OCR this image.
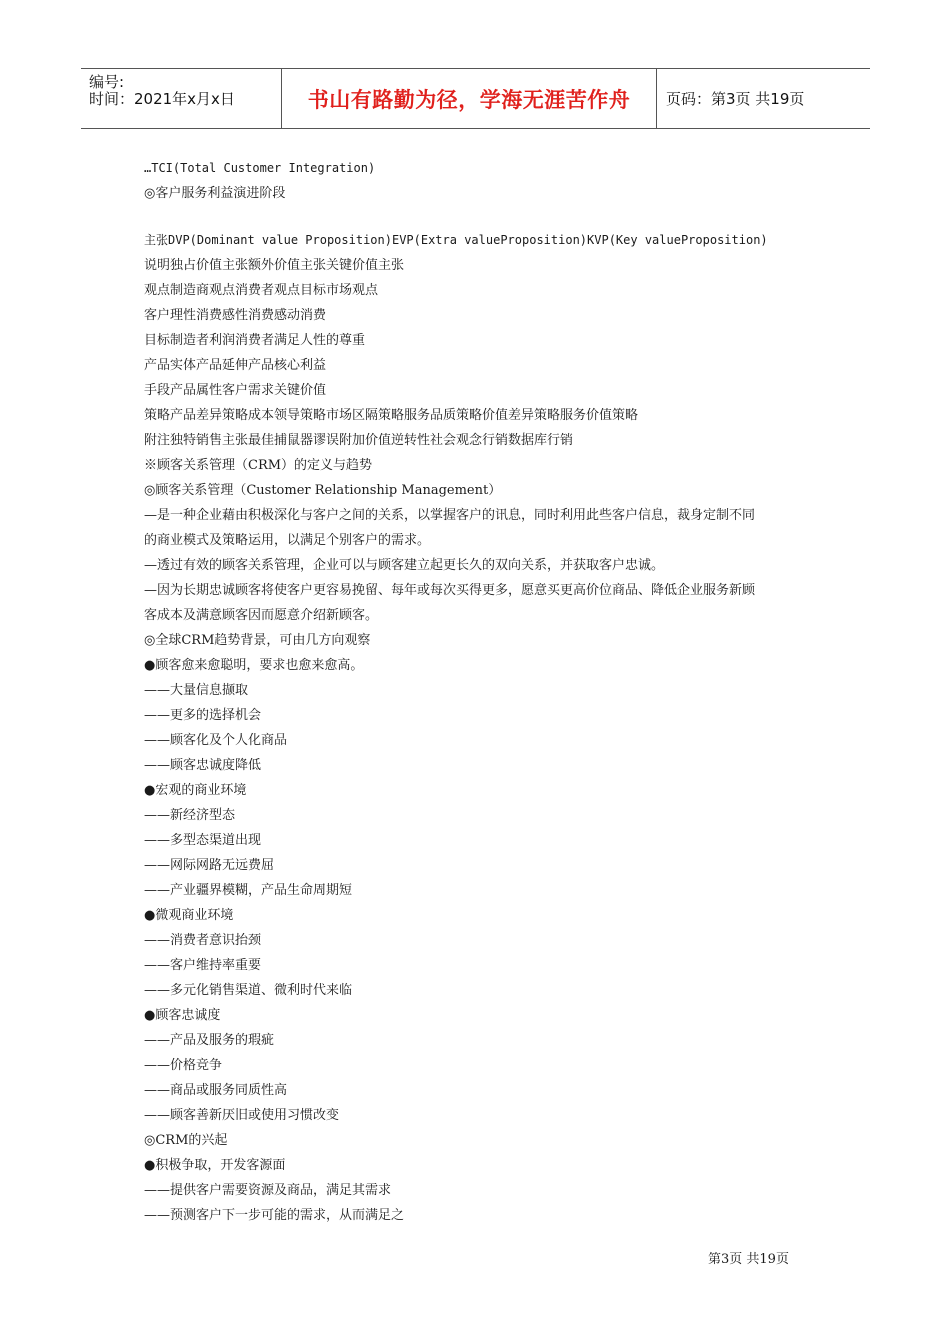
编号:
时间：2021年x月x日	书山有路勤为径，学海无涯苦作舟 页码：第3页 共19页
…TCI(Total Customer Integration)
◎客户服务利益演进阶段
主张DVP(Dominant value Proposition)EVP(Extra valueProposition)KVP(Key valueProposition)
说明独占价值主张额外价值主张关键价值主张
观点制造商观点消费者观点目标市场观点
客户理性消费感性消费感动消费
目标制造者利润消费者满足人性的尊重
产品实体产品延伸产品核心利益
手段产品属性客户需求关键价值
策略产品差异策略成本领导策略市场区隔策略服务品质策略价值差异策略服务价值策略
附注独特销售主张最佳捕鼠器谬误附加价值逆转性社会观念行销数据库行销
※顾客关系管理（CRM）的定义与趋势
◎顾客关系管理（Customer Relationship Management）
—是一种企业藉由积极深化与客户之间的关系，以掌握客户的讯息，同时利用此些客户信息，裁身定制不同
的商业模式及策略运用，以满足个别客户的需求。
—透过有效的顾客关系管理，企业可以与顾客建立起更长久的双向关系，并获取客户忠诚。
—因为长期忠诚顾客将使客户更容易挽留、每年或每次买得更多，愿意买更高价位商品、降低企业服务新顾
客成本及满意顾客因而愿意介绍新顾客。
◎全球CRM趋势背景，可由几方向观察
●顾客愈来愈聪明，要求也愈来愈高。
——大量信息撷取
——更多的选择机会
——顾客化及个人化商品
——顾客忠诚度降低
●宏观的商业环境
——新经济型态
——多型态渠道出现
——网际网路无远费屈
——产业疆界模糊，产品生命周期短
●微观商业环境
——消费者意识抬颈
——客户维持率重要
——多元化销售渠道、微利时代来临
●顾客忠诚度
——产品及服务的瑕疵
——价格竞争
——商品或服务同质性高
——顾客善新厌旧或使用习惯改变
◎CRM的兴起
●积极争取，开发客源面
——提供客户需要资源及商品，满足其需求
——预测客户下一步可能的需求，从而满足之
第3页 共19页
